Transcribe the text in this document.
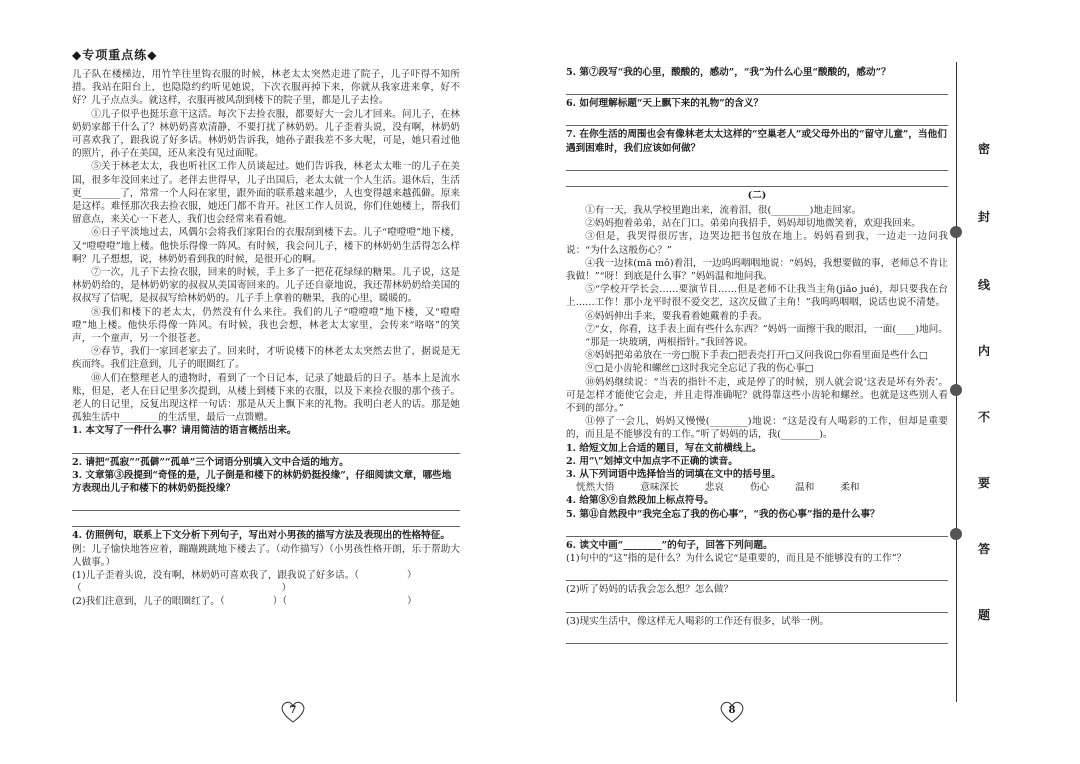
◆专项重点练◆

儿子队在楼梯边，用竹竿往里钩衣服的时候，林老太太突然走进了院子，儿子吓得不知所措。我站在阳台上，也隐隐约约听见她说，下次衣服再掉下来，你就从我家进来拿，好不好？儿子点点头。就这样，衣服再被风刮到楼下的院子里，都是儿子去捡。

①儿子似乎也挺乐意干这活。每次下去捡衣服，都要好大一会儿才回来。问儿子，在林奶奶家都干什么了？林奶奶喜欢清静，不要打扰了林奶奶。儿子歪着头说，没有啊，林奶奶可喜欢我了，跟我说了好多话。林奶奶告诉我，她孙子跟我差不多大呢，可是，她只看过他的照片，孙子在美国，还从来没有见过面呢。

⑤关于林老太太，我也听社区工作人员谈起过。她们告诉我，林老太太唯一的儿子在美国，很多年没回来过了。老伴去世得早，儿子出国后，老太太就一个人生活。退休后，生活更________了，常常一个人闷在家里，跟外面的联系越来越少，人也变得越来越孤僻。原来是这样。难怪那次我去捡衣服，她还门都不肯开。社区工作人员说，你们住她楼上，帮我们留意点，来关心一下老人，我们也会经常来看看她。

⑥日子平淡地过去，风偶尔会将我们家阳台的衣服刮到楼下去。儿子“噔噔噔”地下楼，又“噔噔噔”地上楼。他快乐得像一阵风。有时候，我会问儿子，楼下的林奶奶生活得怎么样啊？儿子想想，说，林奶奶看到我的时候，是很开心的啊。

⑦一次，儿子下去捡衣服，回来的时候，手上多了一把花花绿绿的糖果。儿子说，这是林奶奶给的，是林奶奶家的叔叔从美国寄回来的。儿子还自豪地说，我还帮林奶奶给美国的叔叔写了信呢，是叔叔写给林奶奶的。儿子手上拿着的糖果，我的心里，暖暖的。

⑧我们和楼下的老太太，仍然没有什么来往。我们的儿子“噔噔噔”地下楼，又“噔噔噔”地上楼。他快乐得像一阵风。有时候，我也会想，林老太太家里，会传来“咯咯”的笑声，一个童声，另一个很苍老。

⑨春节，我们一家回老家去了。回来时，才听说楼下的林老太太突然去世了，据说是无疾而终。我们注意到，儿子的眼圈红了。

⑩人们在整理老人的遗物时，看到了一个日记本，记录了她最后的日子。基本上是流水账，但是，老人在日记里多次提到，从楼上到楼下来的衣服，以及下来捡衣服的那个孩子。老人的日记里，反复出现这样一句话：那是从天上飘下来的礼物。我明白老人的话。那是她孤独生活中________的生活里，最后一点馈赠。

1. 本文写了一件什么事？请用简洁的语言概括出来。

2. 请把“孤寂”“孤僻”“孤单”三个词语分别填入文中合适的地方。

3. 文章第③段提到“奇怪的是，儿子倒是和楼下的林奶奶挺投缘”，仔细阅读文章，哪些地方表现出儿子和楼下的林奶奶挺投缘？

4. 仿照例句，联系上下文分析下列句子，写出对小男孩的描写方法及表现出的性格特征。

例：儿子愉快地答应着，蹦蹦跳跳地下楼去了。（动作描写）（小男孩性格开朗，乐于帮助大人做事。）

(1)儿子歪着头说，没有啊，林奶奶可喜欢我了，跟我说了好多话。（	）

（	）

(2)我们注意到，儿子的眼圈红了。（	）（	）

7

5. 第⑦段写“我的心里，酸酸的，感动”，“我”为什么心里“酸酸的，感动”？

6. 如何理解标题“天上飘下来的礼物”的含义？

7. 在你生活的周围也会有像林老太太这样的“空巢老人”或父母外出的“留守儿童”，当他们遇到困难时，我们应该如何做？

(二)

①有一天，我从学校里跑出来，流着泪，很(________)地走回家。

②妈妈抱着弟弟，站在门口。弟弟向我招手，妈妈却切地微笑着，欢迎我回来。

③但是，我哭得很厉害，边哭边把书包放在地上。妈妈看到我，一边走一边问我说：“为什么这般伤心？”

④我一边抹(mā mǒ)着泪，一边呜呜咽咽地说：“妈妈，我想要做的事，老师总不肯让我做！”“呀！到底是什么事？”妈妈温和地问我。

⑤“学校开学长会……要演节目……但是老师不让我当主角(jiǎo jué)，却只要我在台上……工作！那小龙平时很不爱交艺，这次反做了主角！”我呜呜咽咽，说话也说不清楚。

⑥妈妈伸出手来，要我看着她戴着的手表。

⑦“女，你看，这手表上面有些什么东西？”妈妈一面擦干我的眼泪，一面(____)地问。

“那是一块玻璃，两根指针。”我回答说。

⑧妈妈把弟弟放在一旁□脱下手表□把表壳打开□又问我说□你看里面是些什么□

⑨□是小齿轮和螺丝□这时我完全忘记了我的伤心事□

⑩妈妈继续说：“当表的指针不走，或是停了的时候，别人就会说‘这表是坏有外表’。可是怎样才能使它会走，并且走得准确呢？就得靠这些小齿轮和螺丝。也就是这些别人看不到的部分。”

⑪停了一会儿，妈妈又慢慢(________)地说：“这是没有人喝彩的工作，但却是重要的，而且是不能够没有的工作。”听了妈妈的话，我(________)。

1. 给短文加上合适的题目，写在文前横线上。

2. 用“\”划掉文中加点字不正确的读音。

3. 从下列词语中选择恰当的词填在文中的括号里。

恍然大悟	意味深长	悲哀	伤心	温和	柔和

4. 给第⑧⑨自然段加上标点符号。

5. 第⑪自然段中“我完全忘了我的伤心事”，“我的伤心事”指的是什么事？

6. 读文中画“________”的句子，回答下列问题。

(1)句中的“这”指的是什么？为什么说它“是重要的，而且是不能够没有的工作”？

(2)听了妈妈的话我会怎么想？怎么做？

(3)现实生活中，像这样无人喝彩的工作还有很多，试举一例。

8
密
封
线
内
不
要
答
题
